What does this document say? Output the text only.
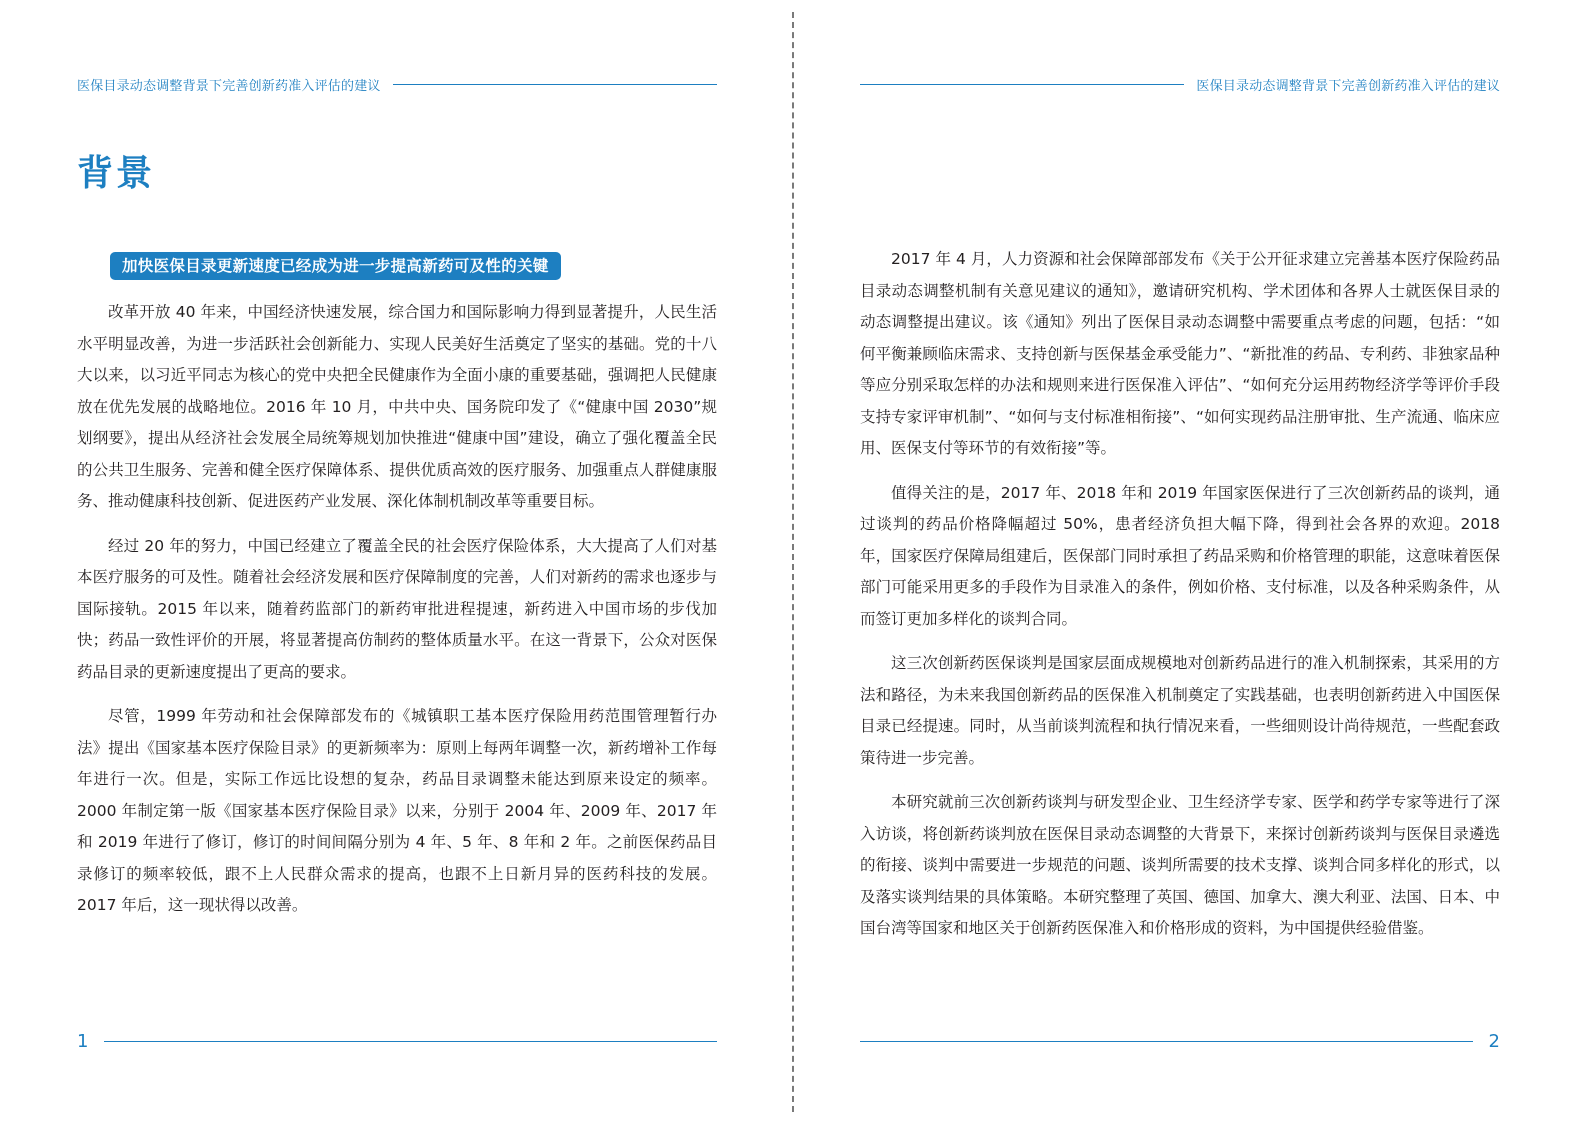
医保目录动态调整背景下完善创新药准入评估的建议
背景
加快医保目录更新速度已经成为进一步提高新药可及性的关键

改革开放 40 年来，中国经济快速发展，综合国力和国际影响力得到显著提升，人民生活水平明显改善，为进一步活跃社会创新能力、实现人民美好生活奠定了坚实的基础。党的十八大以来，以习近平同志为核心的党中央把全民健康作为全面小康的重要基础，强调把人民健康放在优先发展的战略地位。2016 年 10 月，中共中央、国务院印发了《“健康中国 2030”规划纲要》，提出从经济社会发展全局统筹规划加快推进“健康中国”建设，确立了强化覆盖全民的公共卫生服务、完善和健全医疗保障体系、提供优质高效的医疗服务、加强重点人群健康服务、推动健康科技创新、促进医药产业发展、深化体制机制改革等重要目标。

经过 20 年的努力，中国已经建立了覆盖全民的社会医疗保险体系，大大提高了人们对基本医疗服务的可及性。随着社会经济发展和医疗保障制度的完善，人们对新药的需求也逐步与国际接轨。2015 年以来，随着药监部门的新药审批进程提速，新药进入中国市场的步伐加快；药品一致性评价的开展，将显著提高仿制药的整体质量水平。在这一背景下，公众对医保药品目录的更新速度提出了更高的要求。

尽管，1999 年劳动和社会保障部发布的《城镇职工基本医疗保险用药范围管理暂行办法》提出《国家基本医疗保险目录》的更新频率为：原则上每两年调整一次，新药增补工作每年进行一次。但是，实际工作远比设想的复杂，药品目录调整未能达到原来设定的频率。2000 年制定第一版《国家基本医疗保险目录》以来，分别于 2004 年、2009 年、2017 年和 2019 年进行了修订，修订的时间间隔分别为 4 年、5 年、8 年和 2 年。之前医保药品目录修订的频率较低，跟不上人民群众需求的提高，也跟不上日新月异的医药科技的发展。2017 年后，这一现状得以改善。

1
医保目录动态调整背景下完善创新药准入评估的建议

2017 年 4 月，人力资源和社会保障部部发布《关于公开征求建立完善基本医疗保险药品目录动态调整机制有关意见建议的通知》，邀请研究机构、学术团体和各界人士就医保目录的动态调整提出建议。该《通知》列出了医保目录动态调整中需要重点考虑的问题，包括：“如何平衡兼顾临床需求、支持创新与医保基金承受能力”、“新批准的药品、专利药、非独家品种等应分别采取怎样的办法和规则来进行医保准入评估”、“如何充分运用药物经济学等评价手段支持专家评审机制”、“如何与支付标准相衔接”、“如何实现药品注册审批、生产流通、临床应用、医保支付等环节的有效衔接”等。

值得关注的是，2017 年、2018 年和 2019 年国家医保进行了三次创新药品的谈判，通过谈判的药品价格降幅超过 50%，患者经济负担大幅下降，得到社会各界的欢迎。2018 年，国家医疗保障局组建后，医保部门同时承担了药品采购和价格管理的职能，这意味着医保部门可能采用更多的手段作为目录准入的条件，例如价格、支付标准，以及各种采购条件，从而签订更加多样化的谈判合同。

这三次创新药医保谈判是国家层面成规模地对创新药品进行的准入机制探索，其采用的方法和路径，为未来我国创新药品的医保准入机制奠定了实践基础，也表明创新药进入中国医保目录已经提速。同时，从当前谈判流程和执行情况来看，一些细则设计尚待规范，一些配套政策待进一步完善。

本研究就前三次创新药谈判与研发型企业、卫生经济学专家、医学和药学专家等进行了深入访谈，将创新药谈判放在医保目录动态调整的大背景下，来探讨创新药谈判与医保目录遴选的衔接、谈判中需要进一步规范的问题、谈判所需要的技术支撑、谈判合同多样化的形式，以及落实谈判结果的具体策略。本研究整理了英国、德国、加拿大、澳大利亚、法国、日本、中国台湾等国家和地区关于创新药医保准入和价格形成的资料，为中国提供经验借鉴。

2
